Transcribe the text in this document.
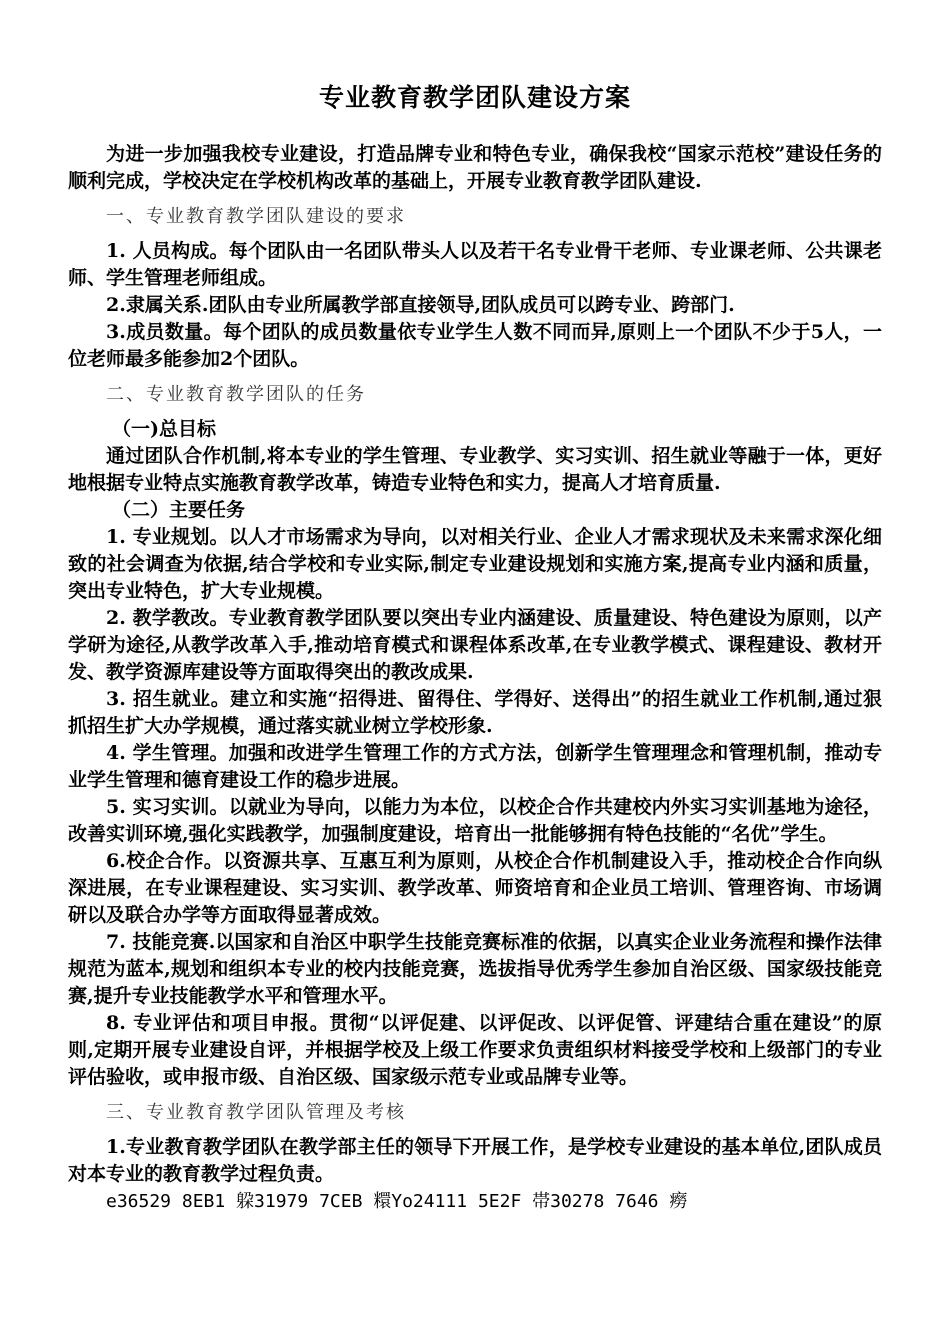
专业教育教学团队建设方案

为进一步加强我校专业建设，打造品牌专业和特色专业，确保我校“国家示范校”建设任务的顺利完成，学校决定在学校机构改革的基础上，开展专业教育教学团队建设.

一、专业教育教学团队建设的要求

1. 人员构成。每个团队由一名团队带头人以及若干名专业骨干老师、专业课老师、公共课老师、学生管理老师组成。

2.隶属关系.团队由专业所属教学部直接领导,团队成员可以跨专业、跨部门.

3.成员数量。每个团队的成员数量依专业学生人数不同而异,原则上一个团队不少于5人，一位老师最多能参加2个团队。

二、专业教育教学团队的任务

（一)总目标

通过团队合作机制,将本专业的学生管理、专业教学、实习实训、招生就业等融于一体，更好地根据专业特点实施教育教学改革，铸造专业特色和实力，提高人才培育质量.

（二）主要任务

1. 专业规划。以人才市场需求为导向，以对相关行业、企业人才需求现状及未来需求深化细致的社会调查为依据,结合学校和专业实际,制定专业建设规划和实施方案,提高专业内涵和质量，突出专业特色，扩大专业规模。

2. 教学教改。专业教育教学团队要以突出专业内涵建设、质量建设、特色建设为原则，以产学研为途径,从教学改革入手,推动培育模式和课程体系改革,在专业教学模式、课程建设、教材开发、教学资源库建设等方面取得突出的教改成果.

3. 招生就业。建立和实施“招得进、留得住、学得好、送得出”的招生就业工作机制,通过狠抓招生扩大办学规模，通过落实就业树立学校形象.

4. 学生管理。加强和改进学生管理工作的方式方法，创新学生管理理念和管理机制，推动专业学生管理和德育建设工作的稳步进展。

5. 实习实训。以就业为导向，以能力为本位，以校企合作共建校内外实习实训基地为途径，改善实训环境,强化实践教学，加强制度建设，培育出一批能够拥有特色技能的“名优”学生。

6.校企合作。以资源共享、互惠互利为原则，从校企合作机制建设入手，推动校企合作向纵深进展，在专业课程建设、实习实训、教学改革、师资培育和企业员工培训、管理咨询、市场调研以及联合办学等方面取得显著成效。

7. 技能竞赛.以国家和自治区中职学生技能竞赛标准的依据，以真实企业业务流程和操作法律规范为蓝本,规划和组织本专业的校内技能竞赛，选拔指导优秀学生参加自治区级、国家级技能竞赛,提升专业技能教学水平和管理水平。

8. 专业评估和项目申报。贯彻“以评促建、以评促改、以评促管、评建结合重在建设”的原则,定期开展专业建设自评，并根据学校及上级工作要求负责组织材料接受学校和上级部门的专业评估验收，或申报市级、自治区级、国家级示范专业或品牌专业等。

三、专业教育教学团队管理及考核

1.专业教育教学团队在教学部主任的领导下开展工作，是学校专业建设的基本单位,团队成员对本专业的教育教学过程负责。

e36529 8EB1 躱31979 7CEB 糫Yo24111 5E2F 帯30278 7646 癆
